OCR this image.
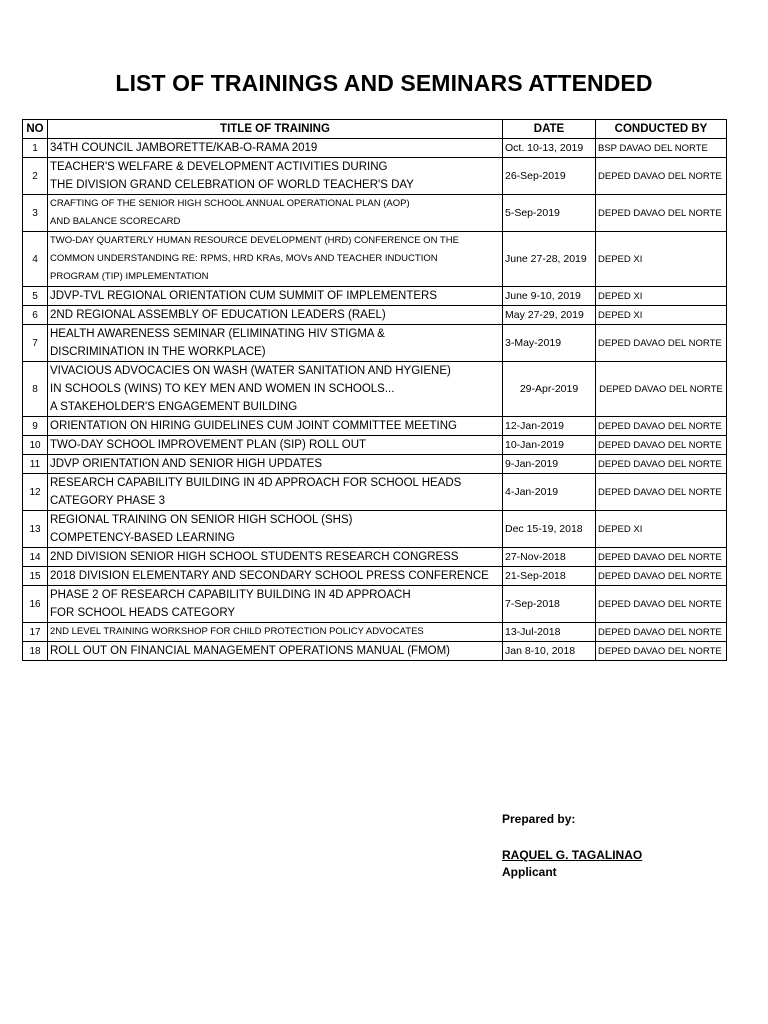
LIST OF TRAININGS AND SEMINARS ATTENDED
NO	TITLE OF TRAINING	DATE	CONDUCTED BY
1	34TH COUNCIL JAMBORETTE/KAB-O-RAMA 2019	Oct. 10-13, 2019	BSP DAVAO DEL NORTE
2	TEACHER'S WELFARE & DEVELOPMENT ACTIVITIES DURING
THE DIVISION GRAND CELEBRATION OF WORLD TEACHER'S DAY	26-Sep-2019	DEPED DAVAO DEL NORTE
3	CRAFTING OF THE SENIOR HIGH SCHOOL ANNUAL OPERATIONAL PLAN (AOP)
AND BALANCE SCORECARD	5-Sep-2019	DEPED DAVAO DEL NORTE
4	TWO-DAY QUARTERLY HUMAN RESOURCE DEVELOPMENT (HRD) CONFERENCE ON THE
COMMON UNDERSTANDING RE: RPMS, HRD KRAs, MOVs AND TEACHER INDUCTION
PROGRAM (TIP) IMPLEMENTATION	June 27-28, 2019	DEPED XI
5	JDVP-TVL REGIONAL ORIENTATION CUM SUMMIT OF IMPLEMENTERS	June 9-10, 2019	DEPED XI
6	2ND REGIONAL ASSEMBLY OF EDUCATION LEADERS (RAEL)	May 27-29, 2019	DEPED XI
7	HEALTH AWARENESS SEMINAR (ELIMINATING HIV STIGMA &
DISCRIMINATION IN THE WORKPLACE)	3-May-2019	DEPED DAVAO DEL NORTE
8	VIVACIOUS ADVOCACIES ON WASH (WATER SANITATION AND HYGIENE)
IN SCHOOLS (WINS) TO KEY MEN AND WOMEN IN SCHOOLS...
A STAKEHOLDER'S ENGAGEMENT BUILDING	29-Apr-2019	DEPED DAVAO DEL NORTE
9	ORIENTATION ON HIRING GUIDELINES CUM JOINT COMMITTEE MEETING	12-Jan-2019	DEPED DAVAO DEL NORTE
10	TWO-DAY SCHOOL IMPROVEMENT PLAN (SIP) ROLL OUT	10-Jan-2019	DEPED DAVAO DEL NORTE
11	JDVP ORIENTATION AND SENIOR HIGH UPDATES	9-Jan-2019	DEPED DAVAO DEL NORTE
12	RESEARCH CAPABILITY BUILDING IN 4D APPROACH FOR SCHOOL HEADS
CATEGORY PHASE 3	4-Jan-2019	DEPED DAVAO DEL NORTE
13	REGIONAL TRAINING ON SENIOR HIGH SCHOOL (SHS)
COMPETENCY-BASED LEARNING	Dec 15-19, 2018	DEPED XI
14	2ND DIVISION SENIOR HIGH SCHOOL STUDENTS RESEARCH CONGRESS	27-Nov-2018	DEPED DAVAO DEL NORTE
15	2018 DIVISION ELEMENTARY AND SECONDARY SCHOOL PRESS CONFERENCE	21-Sep-2018	DEPED DAVAO DEL NORTE
16	PHASE 2 OF RESEARCH CAPABILITY BUILDING IN 4D APPROACH
FOR SCHOOL HEADS CATEGORY	7-Sep-2018	DEPED DAVAO DEL NORTE
17	2ND LEVEL TRAINING WORKSHOP FOR CHILD PROTECTION POLICY ADVOCATES	13-Jul-2018	DEPED DAVAO DEL NORTE
18	ROLL OUT ON FINANCIAL MANAGEMENT OPERATIONS MANUAL (FMOM)	Jan 8-10, 2018	DEPED DAVAO DEL NORTE
Prepared by:
RAQUEL G. TAGALINAO
Applicant
